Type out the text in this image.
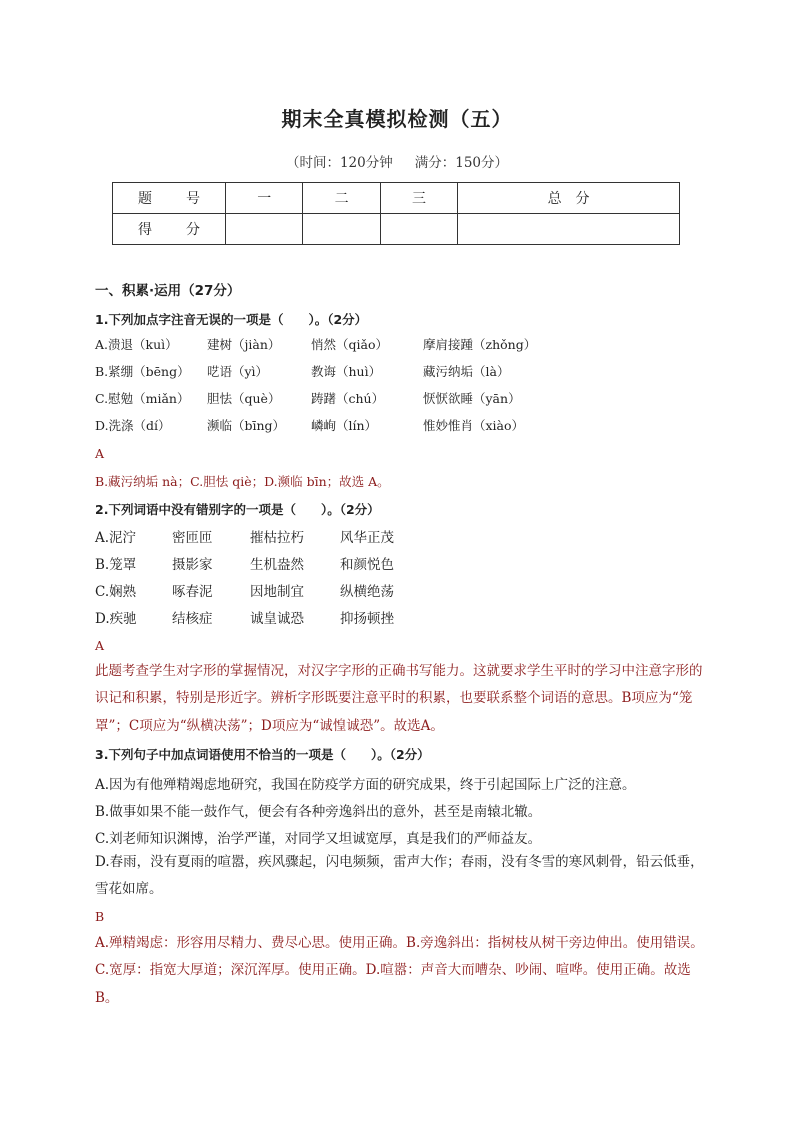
期末全真模拟检测（五）
（时间：120分钟 满分：150分）
题 号	一	二	三	总　分
得 分				
一、积累·运用（27分）
1.下列加点字注音无误的一项是（　　）。（2分）
A.溃退（kuì）	建树（jiàn）	悄然（qiǎo）	摩肩接踵（zhǒng）
B.紧绷（bēng）	呓语（yì）	教诲（huì）	藏污纳垢（là）
C.慰勉（miǎn）	胆怯（què）	踌躇（chú）	恹恹欲睡（yān）
D.洗涤（dí）	濒临（bīng）	嶙峋（lín）	惟妙惟肖（xiào）
A
B.藏污纳垢 nà；C.胆怯 qiè；D.濒临 bīn；故选 A。
2.下列词语中没有错别字的一项是（　　）。（2分）
A.泥泞	密匝匝	摧枯拉朽	风华正茂
B.笼罩	摄影家	生机盎然	和颜悦色
C.娴熟	啄春泥	因地制宜	纵横绝荡
D.疾驰	结核症	诚皇诚恐	抑扬顿挫
A
此题考查学生对字形的掌握情况，对汉字字形的正确书写能力。这就要求学生平时的学习中注意字形的识记和积累，特别是形近字。辨析字形既要注意平时的积累，也要联系整个词语的意思。B项应为“笼罩”；C项应为“纵横决荡”；D项应为“诚惶诚恐”。故选A。
3.下列句子中加点词语使用不恰当的一项是（　　）。（2分）
A.因为有他殚精竭虑地研究，我国在防疫学方面的研究成果，终于引起国际上广泛的注意。
B.做事如果不能一鼓作气，便会有各种旁逸斜出的意外，甚至是南辕北辙。
C.刘老师知识渊博，治学严谨，对同学又坦诚宽厚，真是我们的严师益友。
D.春雨，没有夏雨的喧嚣，疾风骤起，闪电频频，雷声大作；春雨，没有冬雪的寒风刺骨，铅云低垂，雪花如席。
B
A.殚精竭虑：形容用尽精力、费尽心思。使用正确。B.旁逸斜出：指树枝从树干旁边伸出。使用错误。C.宽厚：指宽大厚道；深沉浑厚。使用正确。D.喧嚣：声音大而嘈杂、吵闹、喧哗。使用正确。故选B。
